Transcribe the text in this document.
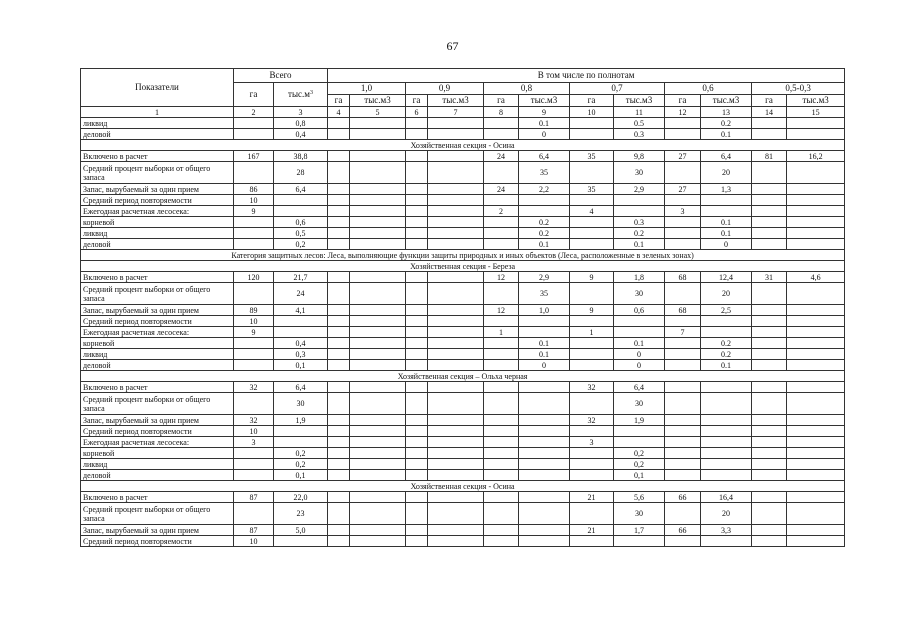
67
Показатели	Всего		В том числе по полнотам											
	га	$тыс.м^3$	1,0		0,9		0,8		0,7		0,6		0,5-0,3	
			га	тыс.м3	га	тыс.м3	га	тыс.м3	га	тыс.м3	га	тыс.м3	га	тыс.м3
1	2	3	4	5	6	7	8	9	10	11	12	13	14	15
ликвид		0,8						0.1		0.5		0.2		
деловой		0,4						0		0.3		0.1		
Хозяйственная секция - Осина														
Включено в расчет	167	38,8					24	6,4	35	9,8	27	6,4	81	16,2
Средний процент выборки от общего запаса		28						35		30		20		
Запас, вырубаемый за один прием	86	6,4					24	2,2	35	2,9	27	1,3		
Средний период повторяемости	10													
Ежегодная расчетная лесосека:	9						2		4		3			
корневой		0,6						0.2		0.3		0.1		
ликвид		0,5						0.2		0.2		0.1		
деловой		0,2						0.1		0.1		0		
Категория защитных лесов: Леса, выполняющие функции защиты природных и иных объектов (Леса, расположенные в зеленых зонах)														
Хозяйственная секция - Береза														
Включено в расчет	120	21,7					12	2,9	9	1,8	68	12,4	31	4,6
Средний процент выборки от общего запаса		24						35		30		20		
Запас, вырубаемый за один прием	89	4,1					12	1,0	9	0,6	68	2,5		
Средний период повторяемости	10													
Ежегодная расчетная лесосека:	9						1		1		7			
корневой		0,4						0.1		0.1		0.2		
ликвид		0,3						0.1		0		0.2		
деловой		0,1						0		0		0.1		
Хозяйственная секция – Ольха черная														
Включено в расчет	32	6,4							32	6,4				
Средний процент выборки от общего запаса		30								30				
Запас, вырубаемый за один прием	32	1,9							32	1,9				
Средний период повторяемости	10													
Ежегодная расчетная лесосека:	3								3					
корневой		0,2								0,2				
ликвид		0,2								0,2				
деловой		0,1								0,1				
Хозяйственная секция - Осина														
Включено в расчет	87	22,0							21	5,6	66	16,4		
Средний процент выборки от общего запаса		23								30		20		
Запас, вырубаемый за один прием	87	5,0							21	1,7	66	3,3		
Средний период повторяемости	10													
